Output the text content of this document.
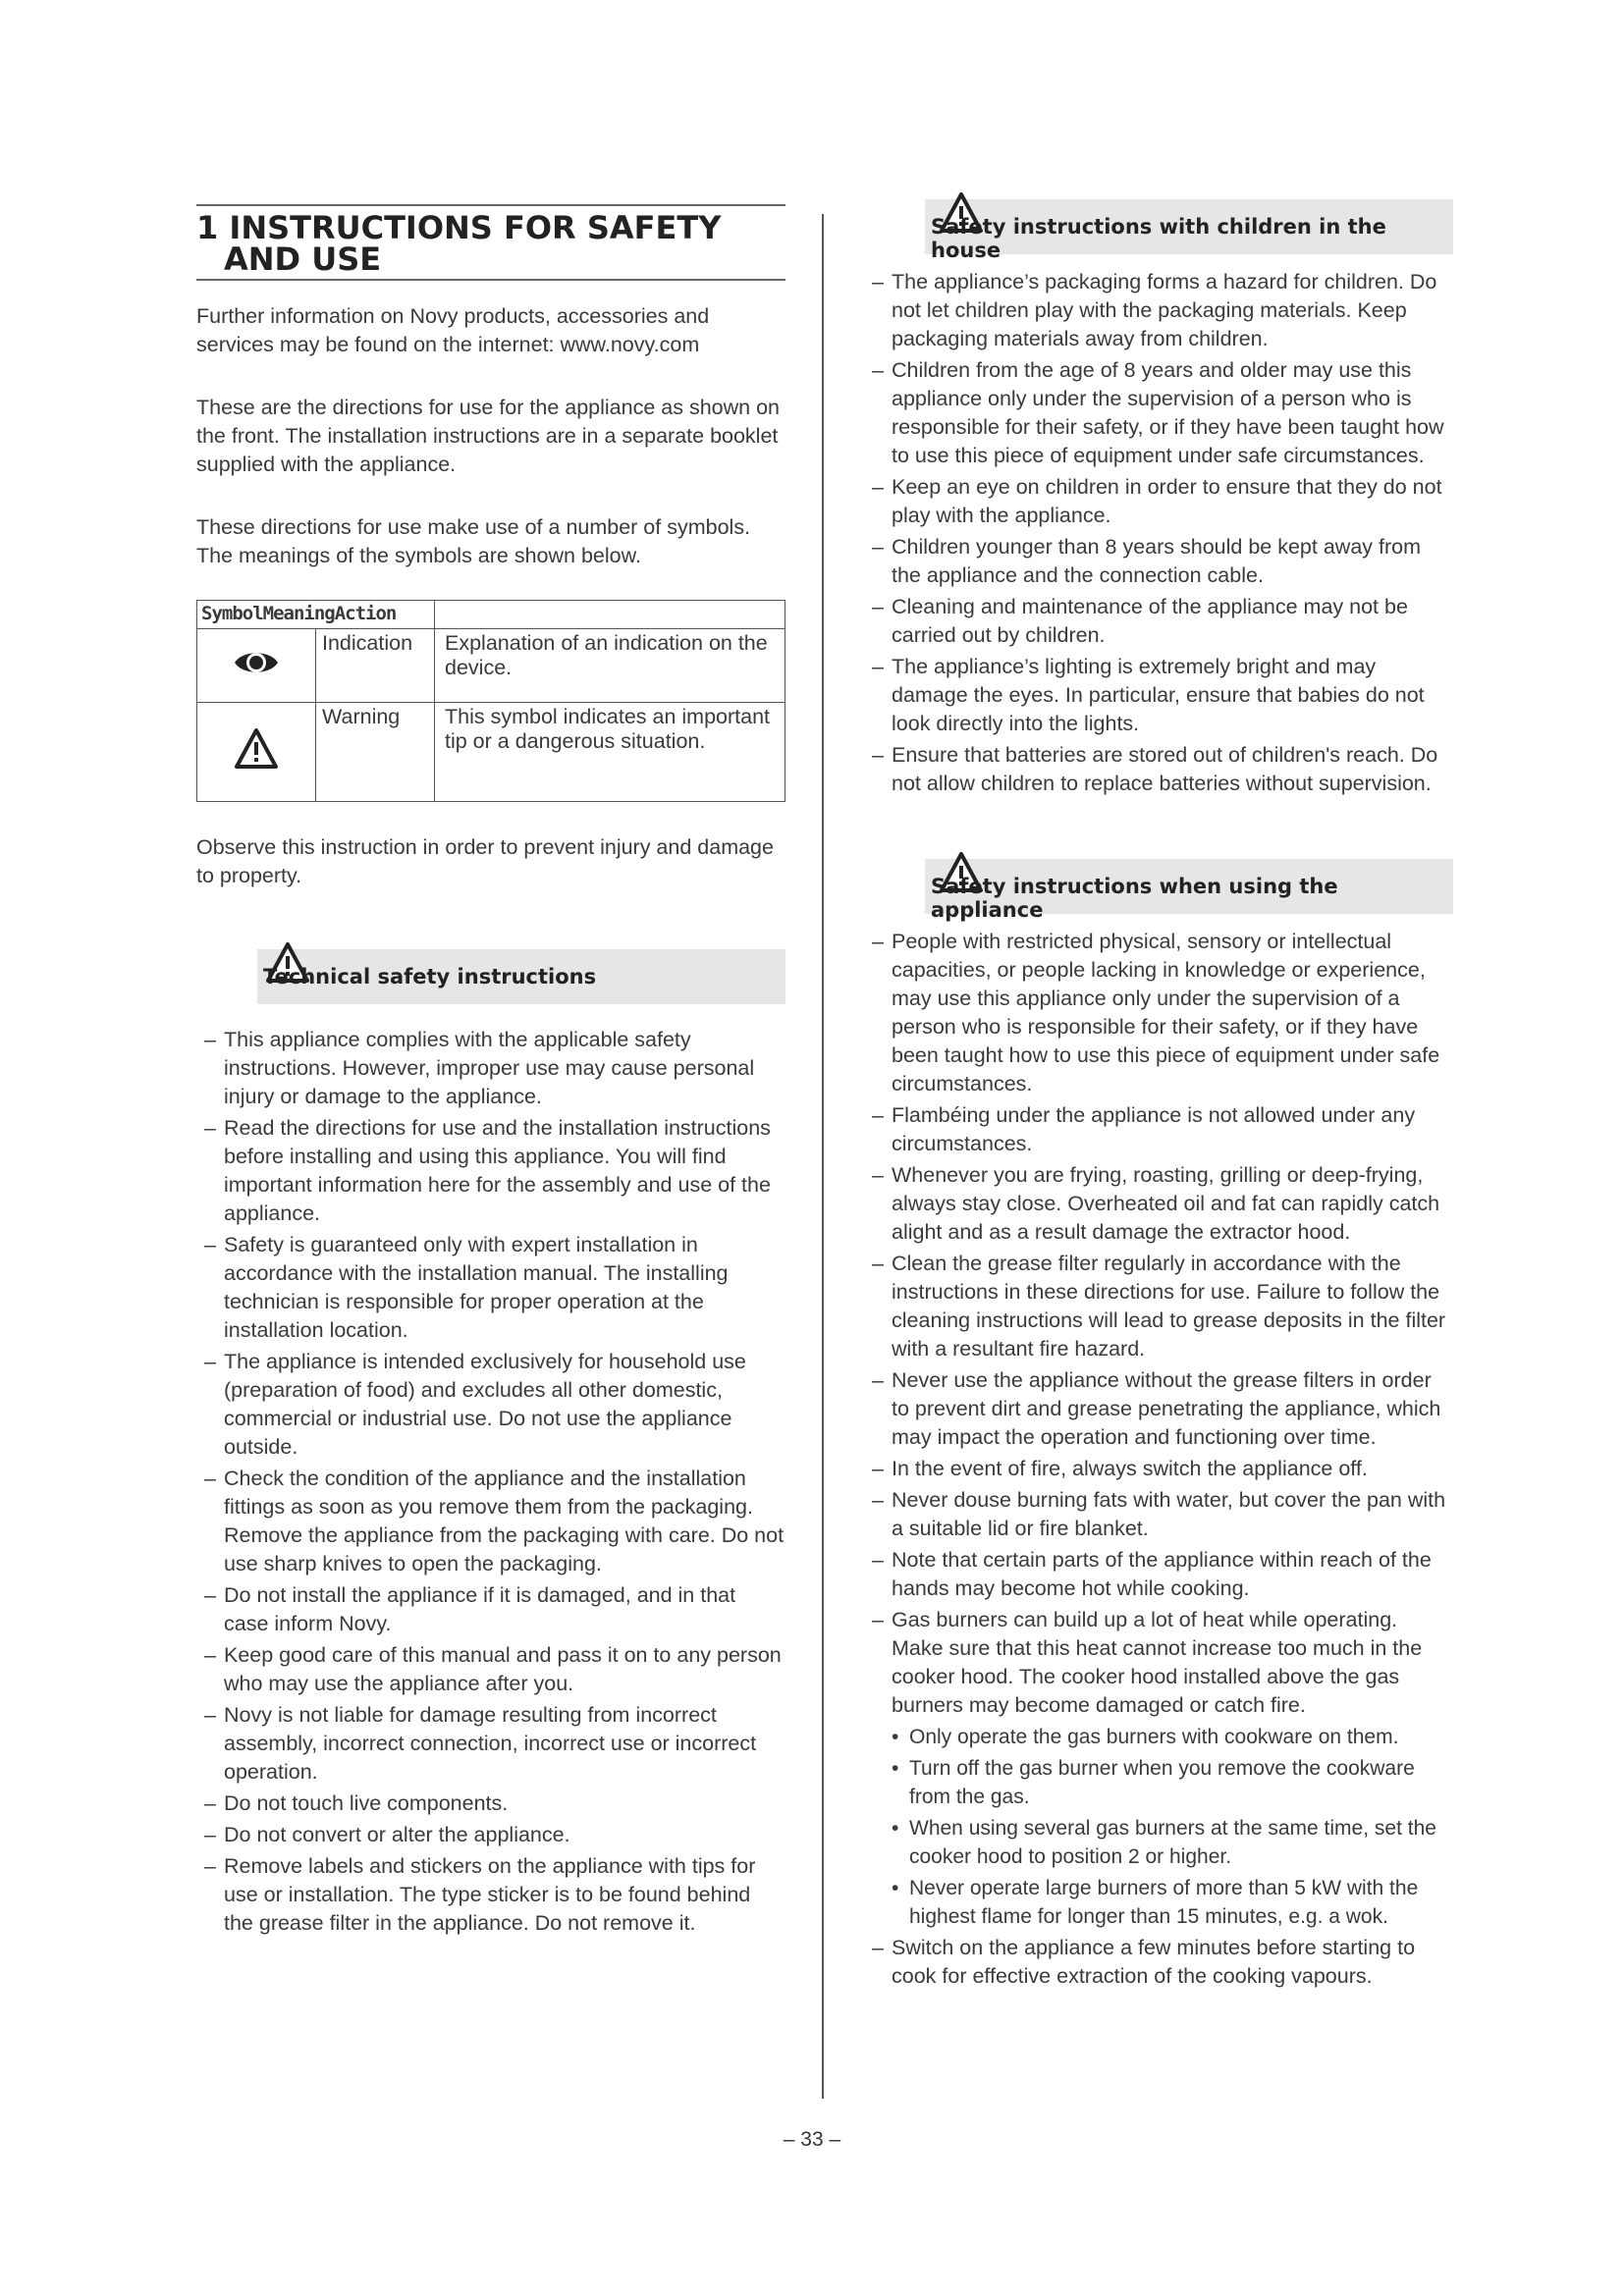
1 INSTRUCTIONS FOR SAFETY
AND USE

Further information on Novy products, accessories and services may be found on the internet: www.novy.com

These are the directions for use for the appliance as shown on the front. The installation instructions are in a separate booklet supplied with the appliance.

These directions for use make use of a number of symbols. The meanings of the symbols are shown below.

SymbolMeaningAction		
	Indication	Explanation of an indication on the device.
	Warning	This symbol indicates an important tip or a dangerous situation.

Observe this instruction in order to prevent injury and damage to property.

Technical safety instructions
– This appliance complies with the applicable safety instructions. However, improper use may cause personal injury or damage to the appliance.
– Read the directions for use and the installation instructions before installing and using this appliance. You will find important information here for the assembly and use of the appliance.
– Safety is guaranteed only with expert installation in accordance with the installation manual. The installing technician is responsible for proper operation at the installation location.
– The appliance is intended exclusively for household use (preparation of food) and excludes all other domestic, commercial or industrial use. Do not use the appliance outside.
– Check the condition of the appliance and the installation fittings as soon as you remove them from the packaging. Remove the appliance from the packaging with care. Do not use sharp knives to open the packaging.
– Do not install the appliance if it is damaged, and in that case inform Novy.
– Keep good care of this manual and pass it on to any person who may use the appliance after you.
– Novy is not liable for damage resulting from incorrect assembly, incorrect connection, incorrect use or incorrect operation.
– Do not touch live components.
– Do not convert or alter the appliance.
– Remove labels and stickers on the appliance with tips for use or installation. The type sticker is to be found behind the grease filter in the appliance. Do not remove it.
Safety instructions with children in the house
– The appliance’s packaging forms a hazard for children. Do not let children play with the packaging materials. Keep packaging materials away from children.
– Children from the age of 8 years and older may use this appliance only under the supervision of a person who is responsible for their safety, or if they have been taught how to use this piece of equipment under safe circumstances.
– Keep an eye on children in order to ensure that they do not play with the appliance.
– Children younger than 8 years should be kept away from the appliance and the connection cable.
– Cleaning and maintenance of the appliance may not be carried out by children.
– The appliance’s lighting is extremely bright and may damage the eyes. In particular, ensure that babies do not look directly into the lights.
– Ensure that batteries are stored out of children's reach. Do not allow children to replace batteries without supervision.
Safety instructions when using the appliance
– People with restricted physical, sensory or intellectual capacities, or people lacking in knowledge or experience, may use this appliance only under the supervision of a person who is responsible for their safety, or if they have been taught how to use this piece of equipment under safe circumstances.
– Flambéing under the appliance is not allowed under any circumstances.
– Whenever you are frying, roasting, grilling or deep-frying, always stay close. Overheated oil and fat can rapidly catch alight and as a result damage the extractor hood.
– Clean the grease filter regularly in accordance with the instructions in these directions for use. Failure to follow the cleaning instructions will lead to grease deposits in the filter with a resultant fire hazard.
– Never use the appliance without the grease filters in order to prevent dirt and grease penetrating the appliance, which may impact the operation and functioning over time.
– In the event of fire, always switch the appliance off.
– Never douse burning fats with water, but cover the pan with a suitable lid or fire blanket.
– Note that certain parts of the appliance within reach of the hands may become hot while cooking.
– Gas burners can build up a lot of heat while operating. Make sure that this heat cannot increase too much in the cooker hood. The cooker hood installed above the gas burners may become damaged or catch fire.
• Only operate the gas burners with cookware on them.
• Turn off the gas burner when you remove the cookware from the gas.
• When using several gas burners at the same time, set the cooker hood to position 2 or higher.
• Never operate large burners of more than 5 kW with the highest flame for longer than 15 minutes, e.g. a wok.
– Switch on the appliance a few minutes before starting to cook for effective extraction of the cooking vapours.
– 33 –
